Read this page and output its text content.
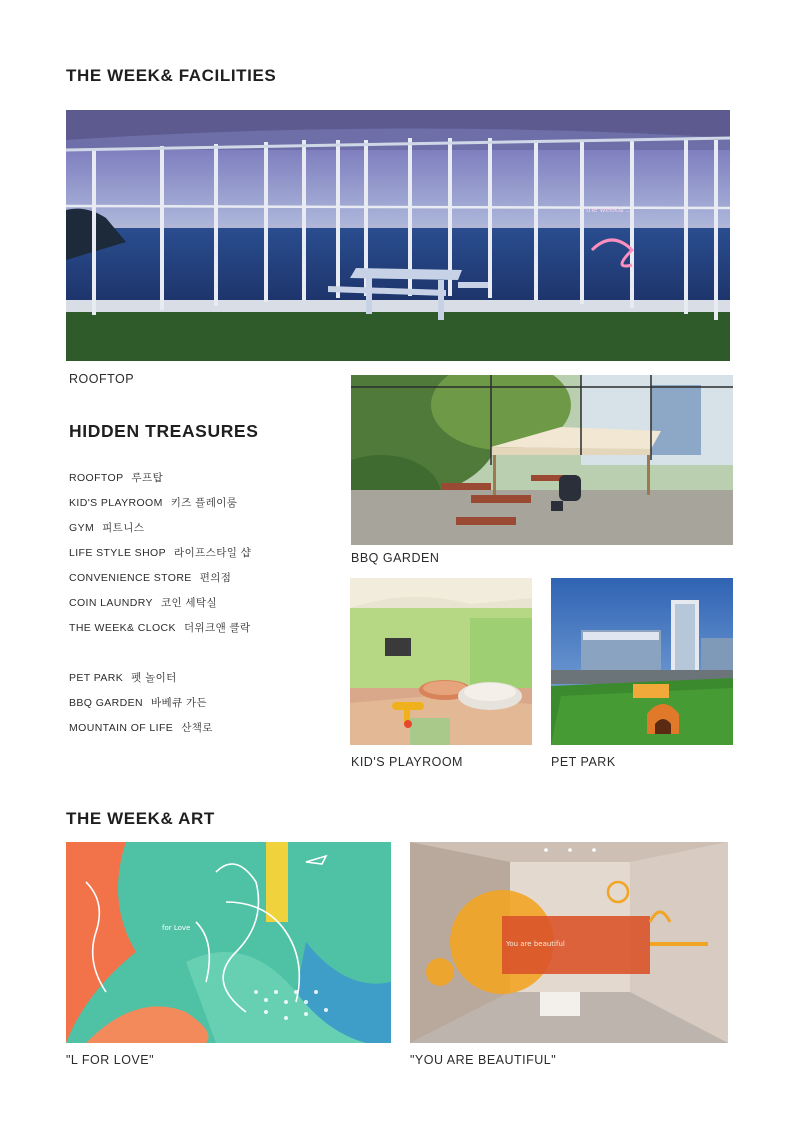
THE WEEK& FACILITIES
the week& ...
ROOFTOP
HIDDEN TREASURES
ROOFTOP 루프탑
KID'S PLAYROOM 키즈 플레이룸
GYM 피트니스
LIFE STYLE SHOP 라이프스타일 샵
CONVENIENCE STORE 편의점
COIN LAUNDRY 코인 세탁실
THE WEEK& CLOCK 더위크앤 클락
PET PARK 펫 놀이터
BBQ GARDEN 바베큐 가든
MOUNTAIN OF LIFE 산책로
BBQ GARDEN
KID'S PLAYROOM	PET PARK
THE WEEK& ART
for Love
"L FOR LOVE"
You are beautiful
"YOU ARE BEAUTIFUL"
